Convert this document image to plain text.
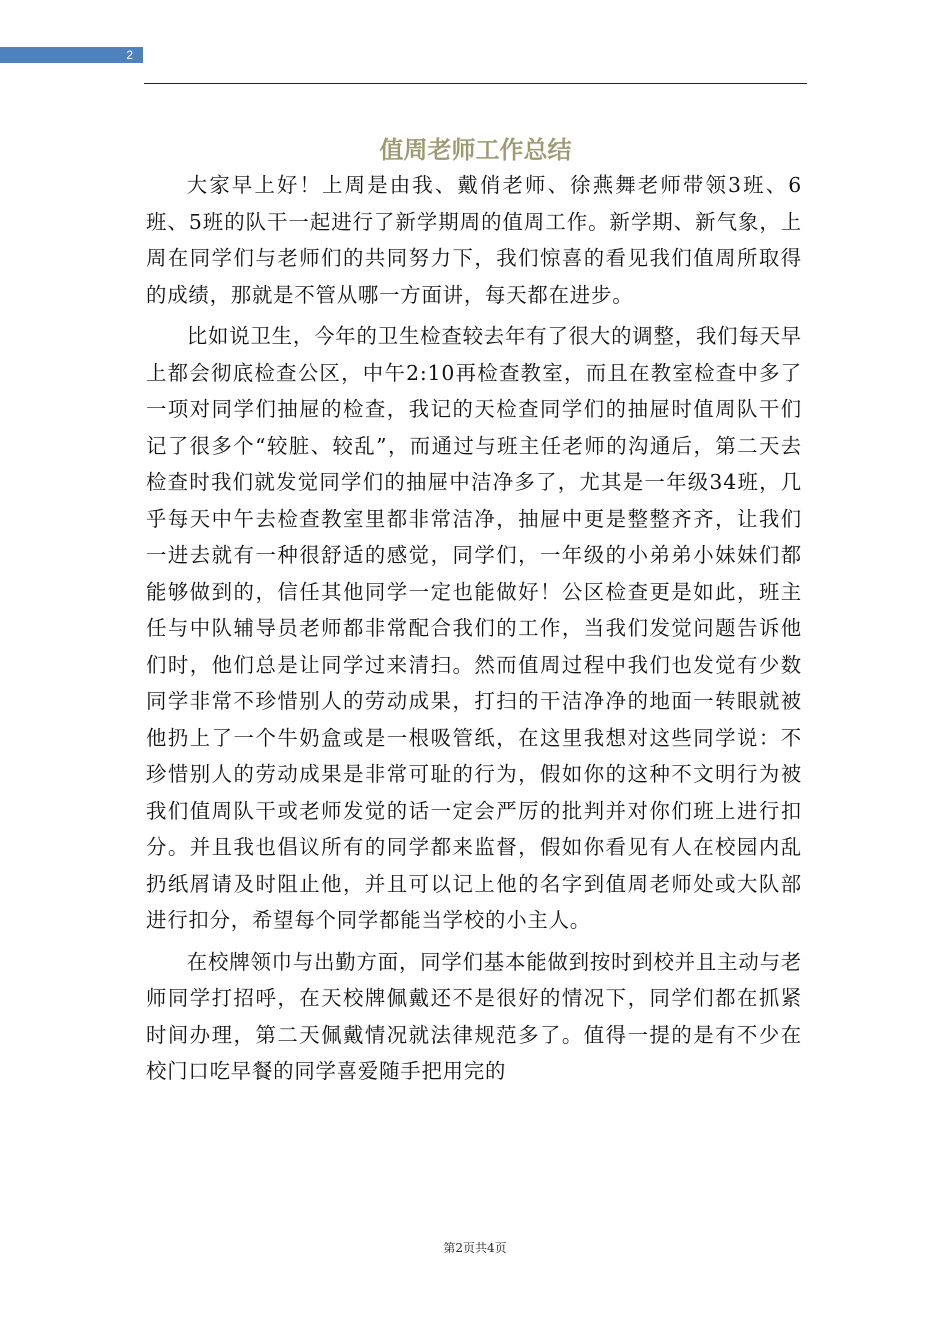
2
值周老师工作总结

大家早上好！上周是由我、戴俏老师、徐燕舞老师带领3班、6班、5班的队干一起进行了新学期周的值周工作。新学期、新气象，上周在同学们与老师们的共同努力下，我们惊喜的看见我们值周所取得的成绩，那就是不管从哪一方面讲，每天都在进步。

比如说卫生，今年的卫生检查较去年有了很大的调整，我们每天早上都会彻底检查公区，中午2:10再检查教室，而且在教室检查中多了一项对同学们抽屉的检查，我记的天检查同学们的抽屉时值周队干们记了很多个“较脏、较乱”，而通过与班主任老师的沟通后，第二天去检查时我们就发觉同学们的抽屉中洁净多了，尤其是一年级34班，几乎每天中午去检查教室里都非常洁净，抽屉中更是整整齐齐，让我们一进去就有一种很舒适的感觉，同学们，一年级的小弟弟小妹妹们都能够做到的，信任其他同学一定也能做好！公区检查更是如此，班主任与中队辅导员老师都非常配合我们的工作，当我们发觉问题告诉他们时，他们总是让同学过来清扫。然而值周过程中我们也发觉有少数同学非常不珍惜别人的劳动成果，打扫的干洁净净的地面一转眼就被他扔上了一个牛奶盒或是一根吸管纸，在这里我想对这些同学说：不珍惜别人的劳动成果是非常可耻的行为，假如你的这种不文明行为被我们值周队干或老师发觉的话一定会严厉的批判并对你们班上进行扣分。并且我也倡议所有的同学都来监督，假如你看见有人在校园内乱扔纸屑请及时阻止他，并且可以记上他的名字到值周老师处或大队部进行扣分，希望每个同学都能当学校的小主人。

在校牌领巾与出勤方面，同学们基本能做到按时到校并且主动与老师同学打招呼，在天校牌佩戴还不是很好的情况下，同学们都在抓紧时间办理，第二天佩戴情况就法律规范多了。值得一提的是有不少在校门口吃早餐的同学喜爱随手把用完的

第2页共4页
